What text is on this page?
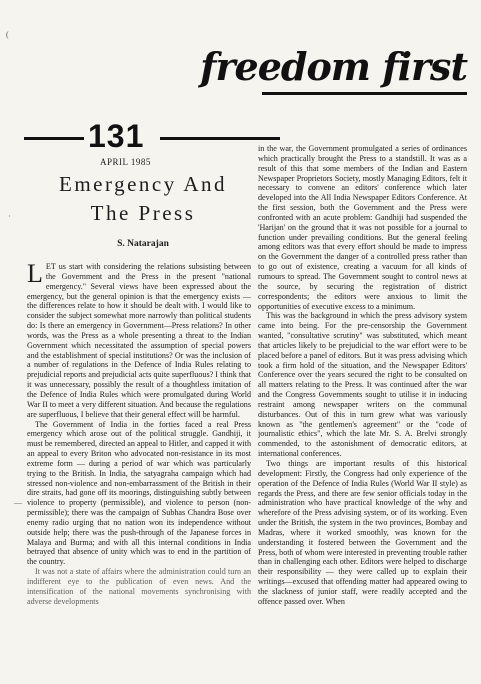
freedom first
131
APRIL 1985
Emergency And
The Press
S. Natarajan

LET us start with considering the relations subsisting between the Government and the Press in the present "national emergency." Several views have been expressed about the emergency, but the general opinion is that the emergency exists — the differences relate to how it should be dealt with. I would like to consider the subject somewhat more narrowly than political students do: Is there an emergency in Government—Press relations? In other words, was the Press as a whole presenting a threat to the Indian Government which necessitated the assumption of special powers and the establishment of special institutions? Or was the inclusion of a number of regulations in the Defence of India Rules relating to prejudicial reports and prejudicial acts quite superfluous? I think that it was unnecessary, possibly the result of a thoughtless imitation of the Defence of India Rules which were promulgated during World War II to meet a very different situation. And because the regulations are superfluous, I believe that their general effect will be harmful.

The Government of India in the forties faced a real Press emergency which arose out of the political struggle. Gandhiji, it must be remembered, directed an appeal to Hitler, and capped it with an appeal to every Briton who advocated non-resistance in its most extreme form — during a period of war which was particularly trying to the British. In India, the satyagraha campaign which had stressed non-violence and non-embarrassment of the British in their dire straits, had gone off its moorings, distinguishing subtly between violence to property (permissible), and violence to person (non-permissible); there was the campaign of Subhas Chandra Bose over enemy radio urging that no nation won its independence without outside help; there was the push-through of the Japanese forces in Malaya and Burma; and with all this internal conditions in India betrayed that absence of unity which was to end in the partition of the country.

It was not a state of affairs where the administration could turn an indifferent eye to the publication of even news. And the intensification of the national movements synchronising with adverse developments

in the war, the Government promulgated a series of ordinances which practically brought the Press to a standstill. It was as a result of this that some members of the Indian and Eastern Newspaper Proprietors Society, mostly Managing Editors, felt it necessary to convene an editors' conference which later developed into the All India Newspaper Editors Conference. At the first session, both the Government and the Press were confronted with an acute problem: Gandhiji had suspended the 'Harijan' on the ground that it was not possible for a journal to function under prevailing conditions. But the general feeling among editors was that every effort should be made to impress on the Government the danger of a controlled press rather than to go out of existence, creating a vacuum for all kinds of rumours to spread. The Government sought to control news at the source, by securing the registration of district correspondents; the editors were anxious to limit the opportunities of executive excess to a minimum.

This was the background in which the press advisory system came into being. For the pre-censorship the Government wanted, "consultative scrutiny" was substituted, which meant that articles likely to be prejudicial to the war effort were to be placed before a panel of editors. But it was press advising which took a firm hold of the situation, and the Newspaper Editors' Conference over the years secured the right to be consulted on all matters relating to the Press. It was continued after the war and the Congress Governments sought to utilise it in inducing restraint among newspaper writers on the communal disturbances. Out of this in turn grew what was variously known as "the gentlemen's agreement" or the "code of journalistic ethics", which the late Mr. S. A. Brelvi strongly commended, to the astonishment of democratic editors, at international conferences.

Two things are important results of this historical development: Firstly, the Congress had only experience of the operation of the Defence of India Rules (World War II style) as regards the Press, and there are few senior officials today in the administration who have practical knowledge of the why and wherefore of the Press advising system, or of its working. Even under the British, the system in the two provinces, Bombay and Madras, where it worked smoothly, was known for the understanding it fostered between the Government and the Press, both of whom were interested in preventing trouble rather than in challenging each other. Editors were helped to discharge their responsibility — they were called up to explain their writings—excused that offending matter had appeared owing to the slackness of junior staff, were readily accepted and the offence passed over. When

(
·
—
